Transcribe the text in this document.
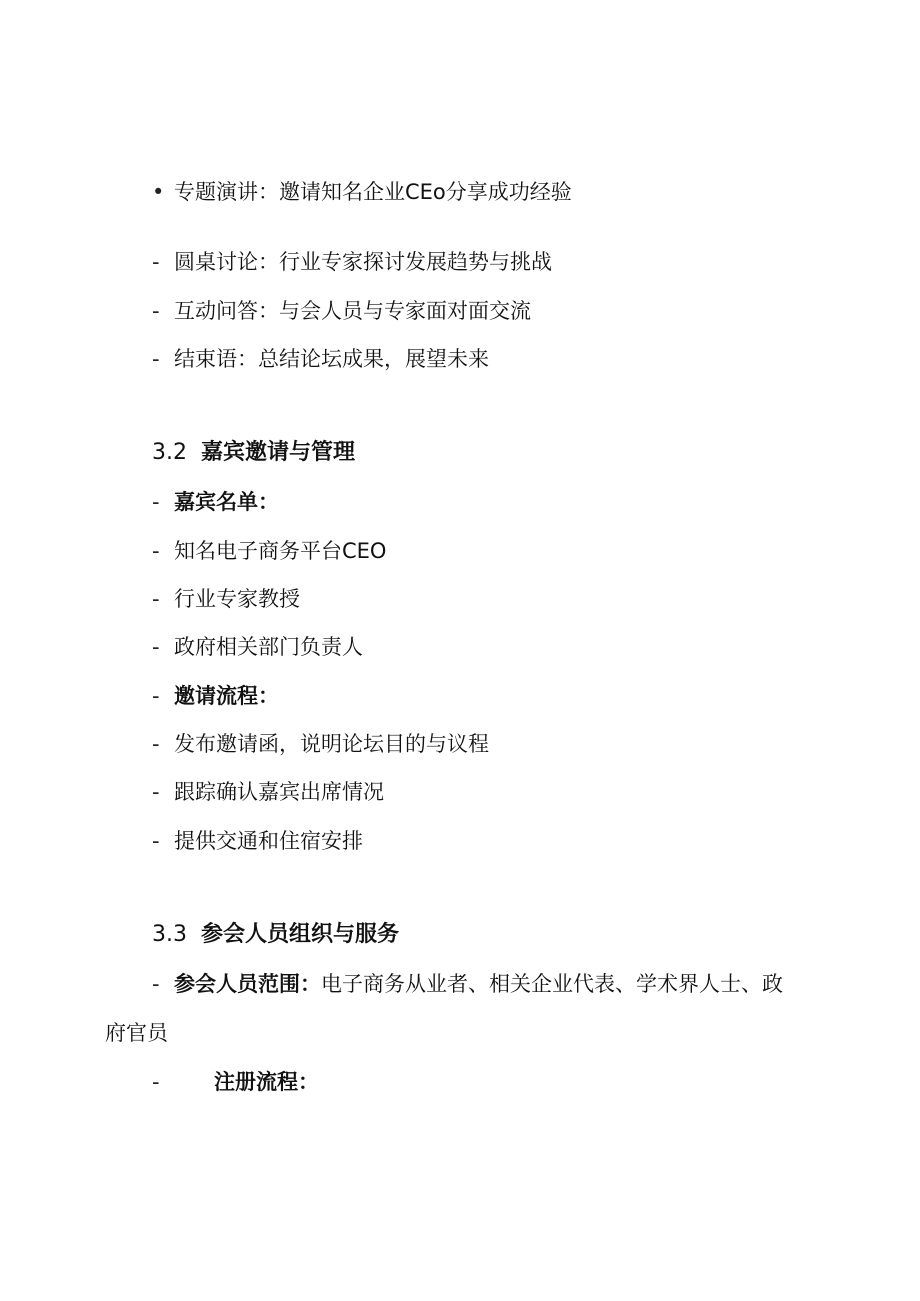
• 专题演讲：邀请知名企业CEo分享成功经验
- 圆桌讨论：行业专家探讨发展趋势与挑战
- 互动问答：与会人员与专家面对面交流
- 结束语：总结论坛成果，展望未来
3.2 嘉宾邀请与管理
- 嘉宾名单：
- 知名电子商务平台CEO
- 行业专家教授
- 政府相关部门负责人
- 邀请流程：
- 发布邀请函，说明论坛目的与议程
- 跟踪确认嘉宾出席情况
- 提供交通和住宿安排
3.3 参会人员组织与服务
- 参会人员范围：电子商务从业者、相关企业代表、学术界人士、政
府官员
-	注册流程：
